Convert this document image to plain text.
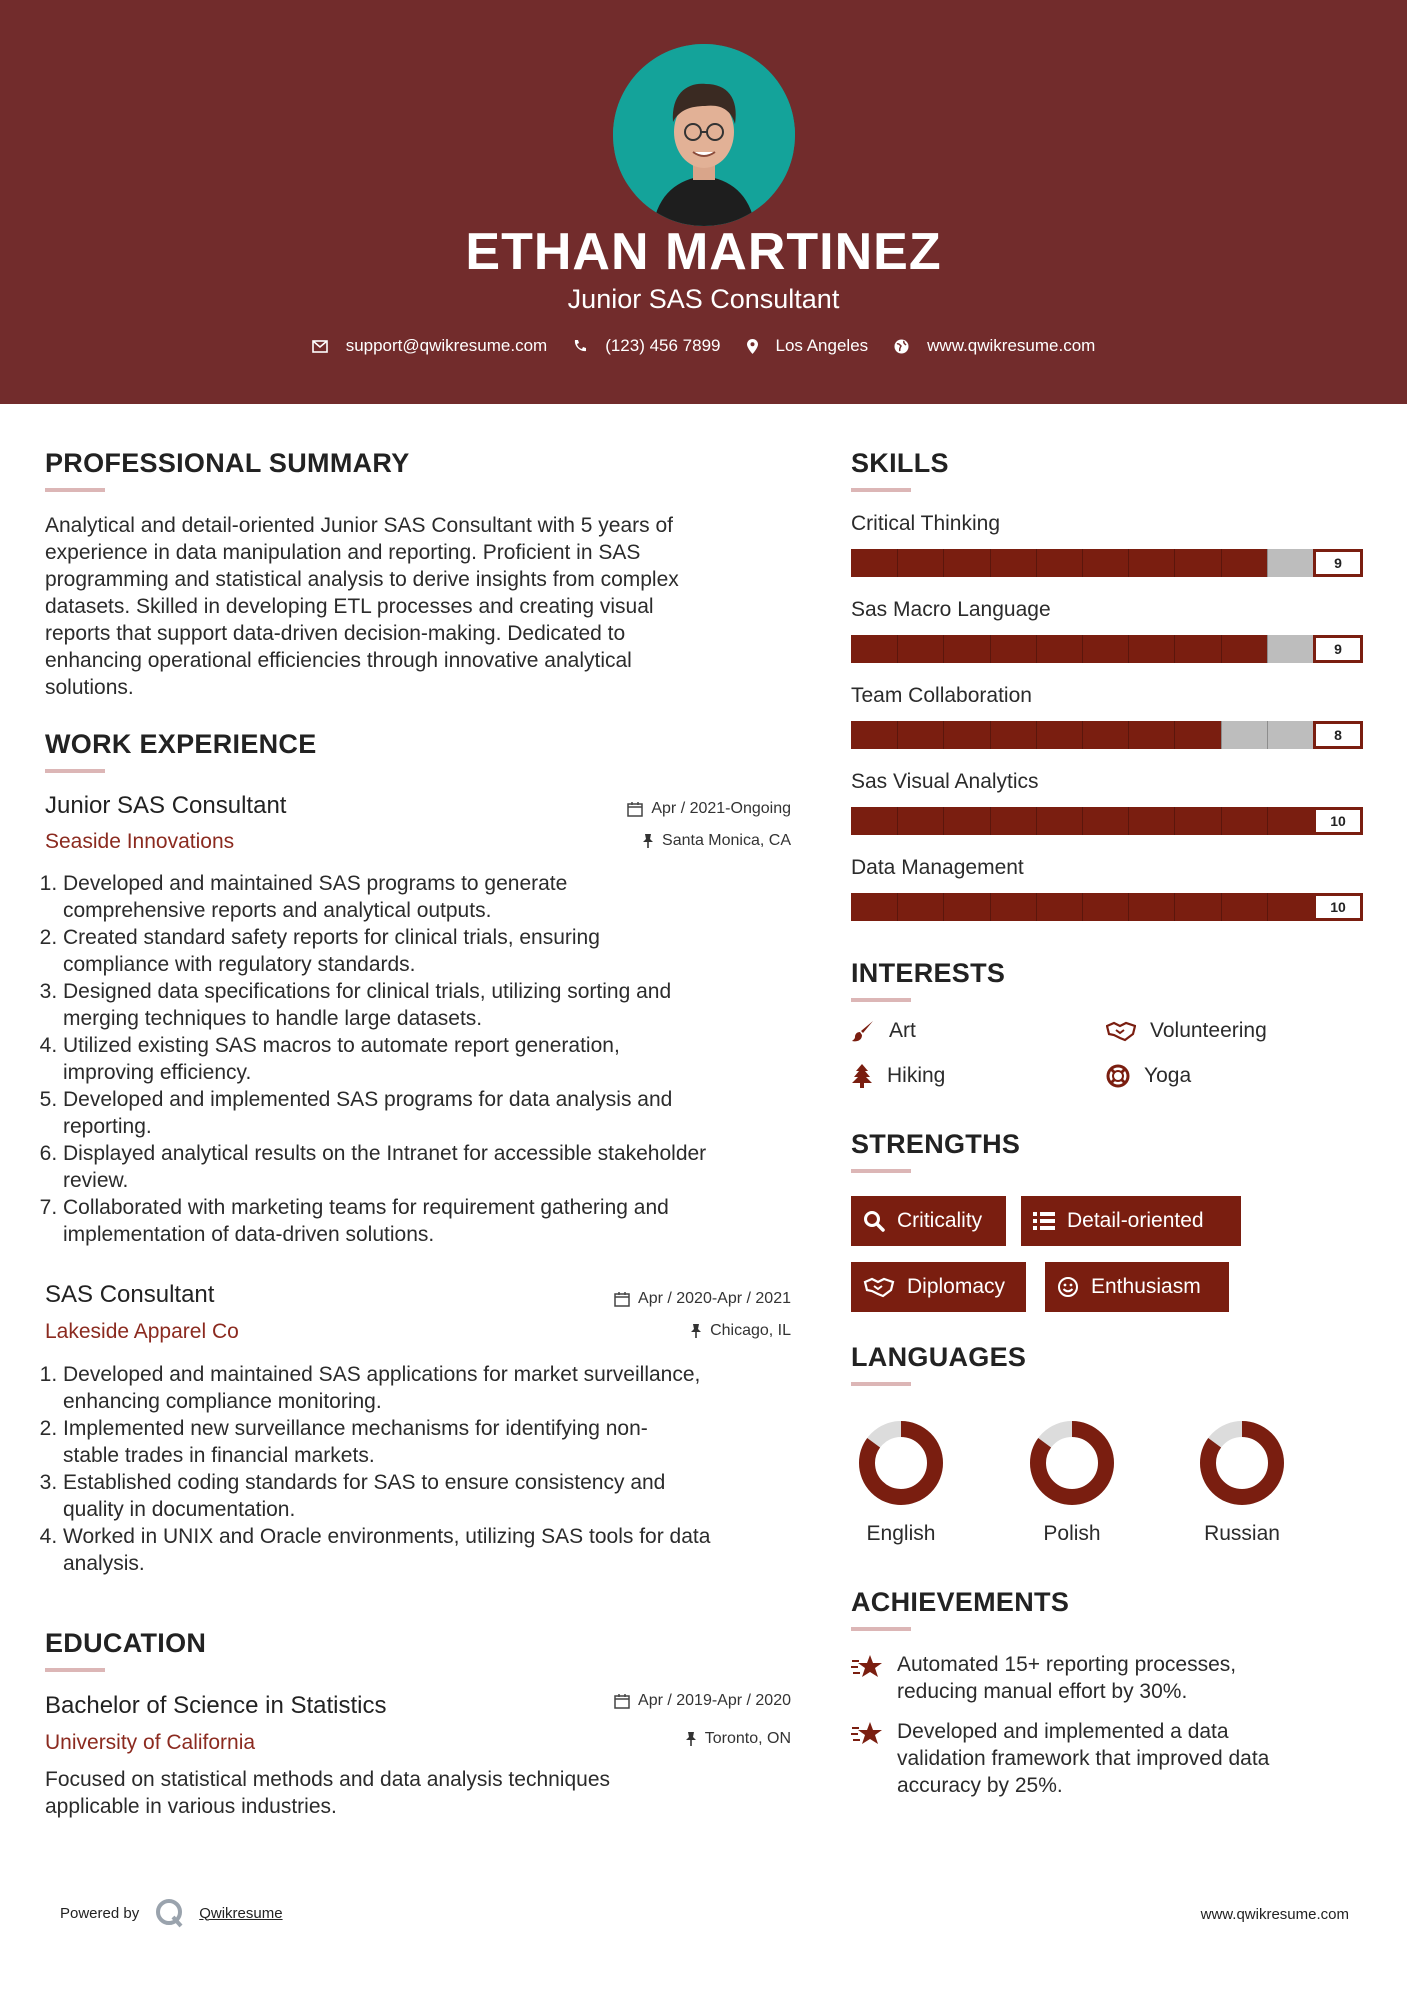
ETHAN MARTINEZ
Junior SAS Consultant
support@qwikresume.com	(123) 456 7899	Los Angeles	www.qwikresume.com
PROFESSIONAL SUMMARY
Analytical and detail-oriented Junior SAS Consultant with 5 years of
experience in data manipulation and reporting. Proficient in SAS
programming and statistical analysis to derive insights from complex
datasets. Skilled in developing ETL processes and creating visual
reports that support data-driven decision-making. Dedicated to
enhancing operational efficiencies through innovative analytical
solutions.
WORK EXPERIENCE
Junior SAS Consultant
Seaside Innovations
Apr / 2021-Ongoing
Santa Monica, CA
1. Developed and maintained SAS programs to generate
comprehensive reports and analytical outputs.
2. Created standard safety reports for clinical trials, ensuring
compliance with regulatory standards.
3. Designed data specifications for clinical trials, utilizing sorting and
merging techniques to handle large datasets.
4. Utilized existing SAS macros to automate report generation,
improving efficiency.
5. Developed and implemented SAS programs for data analysis and
reporting.
6. Displayed analytical results on the Intranet for accessible stakeholder
review.
7. Collaborated with marketing teams for requirement gathering and
implementation of data-driven solutions.
SAS Consultant
Lakeside Apparel Co
Apr / 2020-Apr / 2021
Chicago, IL
1. Developed and maintained SAS applications for market surveillance,
enhancing compliance monitoring.
2. Implemented new surveillance mechanisms for identifying non-
stable trades in financial markets.
3. Established coding standards for SAS to ensure consistency and
quality in documentation.
4. Worked in UNIX and Oracle environments, utilizing SAS tools for data
analysis.
EDUCATION
Bachelor of Science in Statistics
University of California
Apr / 2019-Apr / 2020
Toronto, ON
Focused on statistical methods and data analysis techniques
applicable in various industries.
SKILLS
Critical Thinking
9
Sas Macro Language
9
Team Collaboration
8
Sas Visual Analytics
10
Data Management
10
INTERESTS
Art	Volunteering
Hiking	Yoga
STRENGTHS
Criticality	Detail-oriented
Diplomacy	Enthusiasm
LANGUAGES
English	Polish	Russian
ACHIEVEMENTS
Automated 15+ reporting processes,
reducing manual effort by 30%.
Developed and implemented a data
validation framework that improved data
accuracy by 25%.
Powered by	Qwikresume	www.qwikresume.com
